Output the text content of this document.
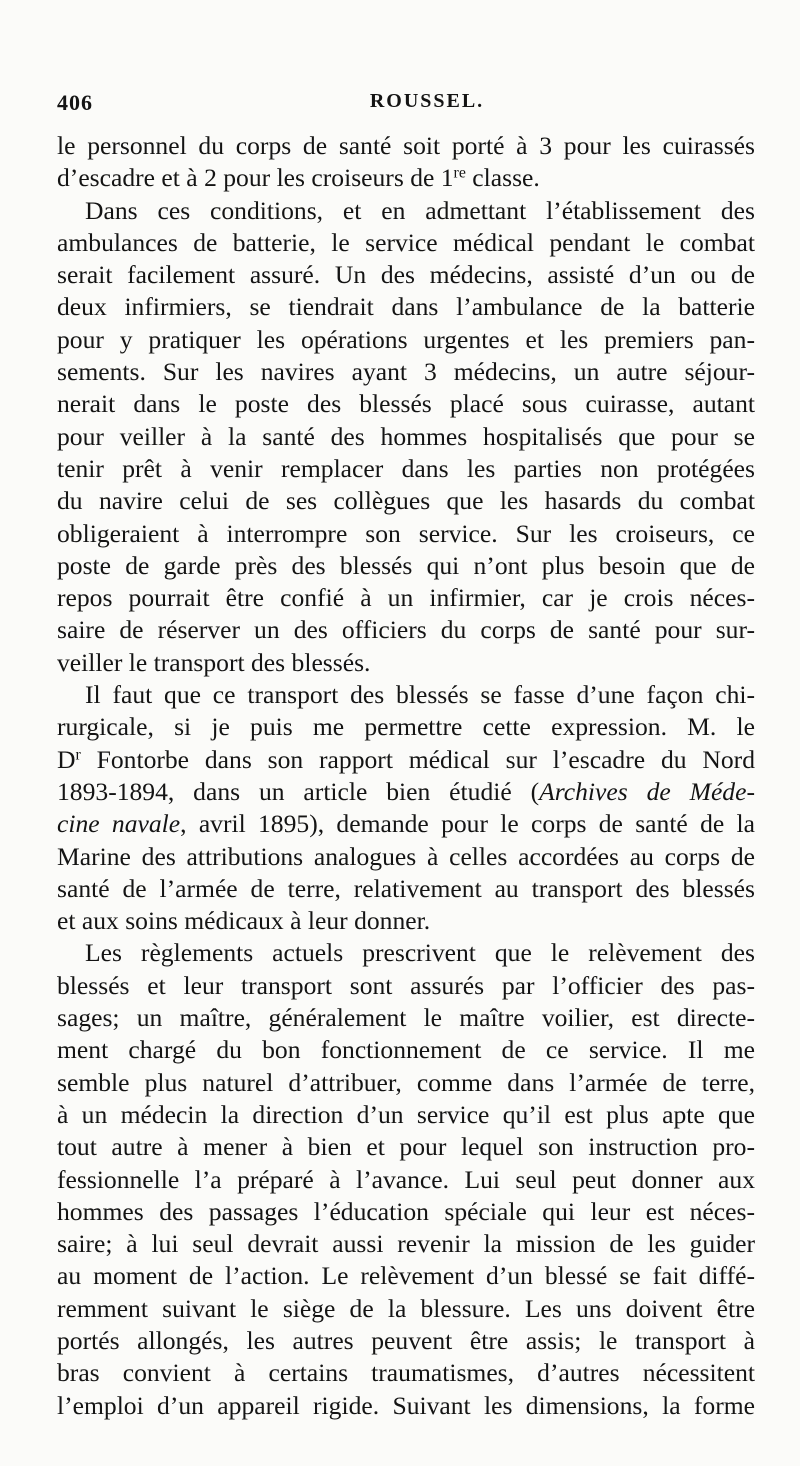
406	ROUSSEL.
le personnel du corps de santé soit porté à 3 pour les cuirassés
d’escadre et à 2 pour les croiseurs de 1re classe.
Dans ces conditions, et en admettant l’établissement des
ambulances de batterie, le service médical pendant le combat
serait facilement assuré. Un des médecins, assisté d’un ou de
deux infirmiers, se tiendrait dans l’ambulance de la batterie
pour y pratiquer les opérations urgentes et les premiers pan-
sements. Sur les navires ayant 3 médecins, un autre séjour-
nerait dans le poste des blessés placé sous cuirasse, autant
pour veiller à la santé des hommes hospitalisés que pour se
tenir prêt à venir remplacer dans les parties non protégées
du navire celui de ses collègues que les hasards du combat
obligeraient à interrompre son service. Sur les croiseurs, ce
poste de garde près des blessés qui n’ont plus besoin que de
repos pourrait être confié à un infirmier, car je crois néces-
saire de réserver un des officiers du corps de santé pour sur-
veiller le transport des blessés.
Il faut que ce transport des blessés se fasse d’une façon chi-
rurgicale, si je puis me permettre cette expression. M. le
$D^r$ Fontorbe dans son rapport médical sur l’escadre du Nord
1893-1894, dans un article bien étudié (Archives de Méde-
cine navale, avril 1895), demande pour le corps de santé de la
Marine des attributions analogues à celles accordées au corps de
santé de l’armée de terre, relativement au transport des blessés
et aux soins médicaux à leur donner.
Les règlements actuels prescrivent que le relèvement des
blessés et leur transport sont assurés par l’officier des pas-
sages; un maître, généralement le maître voilier, est directe-
ment chargé du bon fonctionnement de ce service. Il me
semble plus naturel d’attribuer, comme dans l’armée de terre,
à un médecin la direction d’un service qu’il est plus apte que
tout autre à mener à bien et pour lequel son instruction pro-
fessionnelle l’a préparé à l’avance. Lui seul peut donner aux
hommes des passages l’éducation spéciale qui leur est néces-
saire; à lui seul devrait aussi revenir la mission de les guider
au moment de l’action. Le relèvement d’un blessé se fait diffé-
remment suivant le siège de la blessure. Les uns doivent être
portés allongés, les autres peuvent être assis; le transport à
bras convient à certains traumatismes, d’autres nécessitent
l’emploi d’un appareil rigide. Suivant les dimensions, la forme
